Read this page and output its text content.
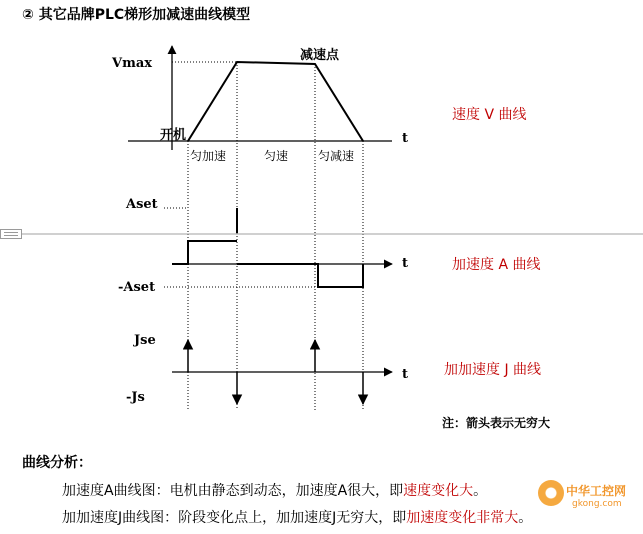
② 其它品牌PLC梯形加减速曲线模型
Vmax
减速点
开机	t
匀加速	匀速 匀减速
速度 V 曲线
Aset
-Aset
t	加速度 A 曲线
Jse
-Js
t	加加速度 J 曲线
注：箭头表示无穷大
曲线分析：
加速度A曲线图：电机由静态到动态，加速度A很大，即速度变化大。
加加速度J曲线图：阶段变化点上，加加速度J无穷大，即加速度变化非常大。
中华工控网
gkong.com
